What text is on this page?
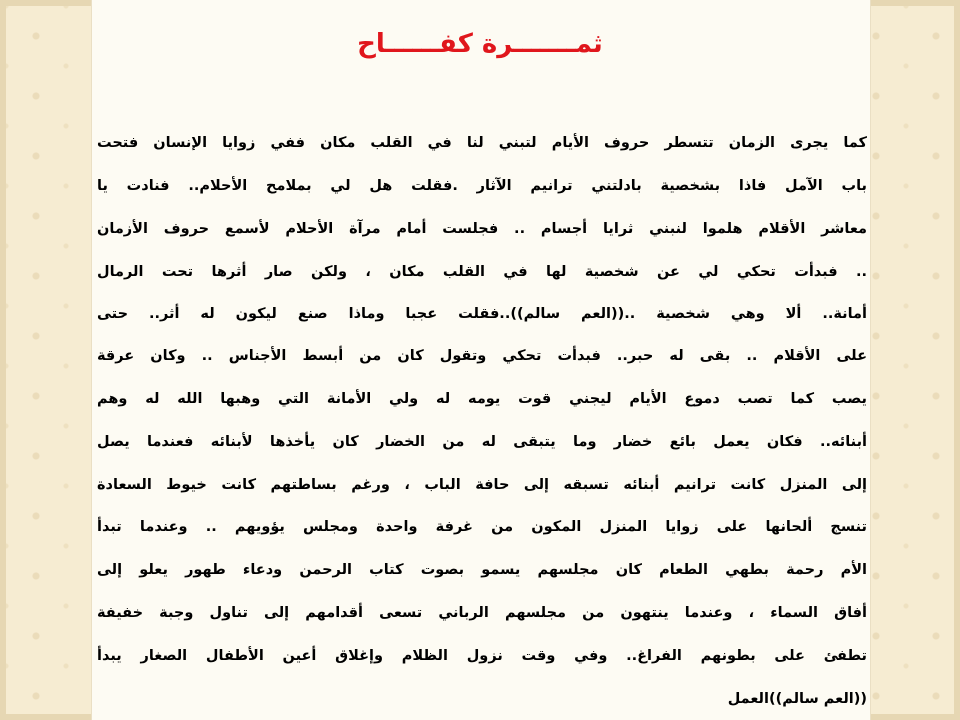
ثمـــــــرة كفــــــاح
كما يجرى الزمان تتسطر حروف الأيام لتبني لنا في القلب مكان ففي زوايا الإنسان فتحت
باب الآمل فاذا بشخصية بادلتني ترانيم الآثار .فقلت هل لي بملامح الأحلام.. فنادت يا
معاشر الأقلام هلموا لنبني ثرايا أجسام .. فجلست أمام مرآة الأحلام لأسمع حروف الأزمان
.. فبدأت تحكي لي عن شخصية لها في القلب مكان ، ولكن صار أثرها تحت الرمال
أمانة.. ألا وهي شخصية ..((العم سالم))..فقلت عجبا وماذا صنع ليكون له أثر.. حتى
على الأقلام .. بقى له حبر.. فبدأت تحكي وتقول كان من أبسط الأجناس .. وكان عرقة
يصب كما تصب دموع الأيام ليجني قوت يومه له ولي الأمانة التي وهبها الله له وهم
أبنائه.. فكان يعمل بائع خضار وما يتبقى له من الخضار كان يأخذها لأبنائه فعندما يصل
إلى المنزل كانت ترانيم أبنائه تسبقه إلى حافة الباب ، ورغم بساطتهم كانت خيوط السعادة
تنسج ألحانها على زوايا المنزل المكون من غرفة واحدة ومجلس يؤويهم .. وعندما تبدأ
الأم رحمة بطهي الطعام كان مجلسهم يسمو بصوت كتاب الرحمن ودعاء طهور يعلو إلى
أفاق السماء ، وعندما ينتهون من مجلسهم الرباني تسعى أقدامهم إلى تناول وجبة خفيفة
تطفئ على بطونهم الفراغ.. وفي وقت نزول الظلام وإغلاق أعين الأطفال الصغار يبدأ
((العم سالم))العمل
